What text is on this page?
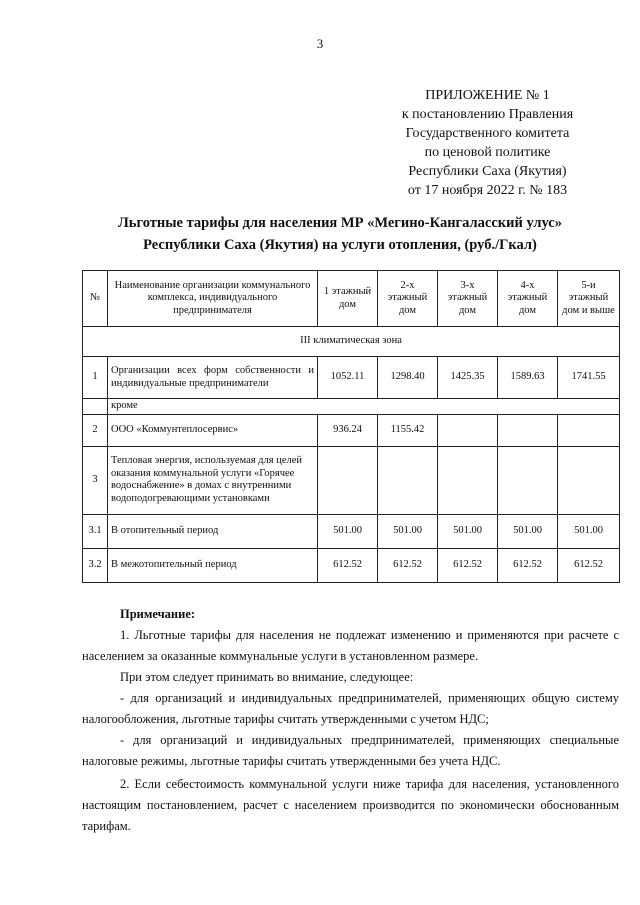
3
ПРИЛОЖЕНИЕ № 1
к постановлению Правления
Государственного комитета
по ценовой политике
Республики Саха (Якутия)
от 17 ноября 2022 г. № 183
Льготные тарифы для населения МР «Мегино-Кангаласский улус»
Республики Саха (Якутия) на услуги отопления, (руб./Гкал)
№	Наименование организации коммунального комплекса, индивидуального предпринимателя	1 этажный дом	2-х этажный дом	3-х этажный дом	4-х этажный дом	5-и этажный дом и выше
III климатическая зона						
1	Организации всех форм собственности и индивидуальные предприниматели	1052.11	1298.40	1425.35	1589.63	1741.55
	кроме					
2	ООО «Коммунтеплосервис»	936.24	1155.42			
3	Тепловая энергия, используемая для целей оказания коммунальной услуги «Горячее водоснабжение» в домах с внутренними водоподогревающими установками					
3.1	В отопительный период	501.00	501.00	501.00	501.00	501.00
3.2	В межотопительный период	612.52	612.52	612.52	612.52	612.52

Примечание:

1. Льготные тарифы для населения не подлежат изменению и применяются при расчете с населением за оказанные коммунальные услуги в установленном размере.

При этом следует принимать во внимание, следующее:

- для организаций и индивидуальных предпринимателей, применяющих общую систему налогообложения, льготные тарифы считать утвержденными с учетом НДС;

- для организаций и индивидуальных предпринимателей, применяющих специальные налоговые режимы, льготные тарифы считать утвержденными без учета НДС.

2. Если себестоимость коммунальной услуги ниже тарифа для населения, установленного настоящим постановлением, расчет с населением производится по экономически обоснованным тарифам.
